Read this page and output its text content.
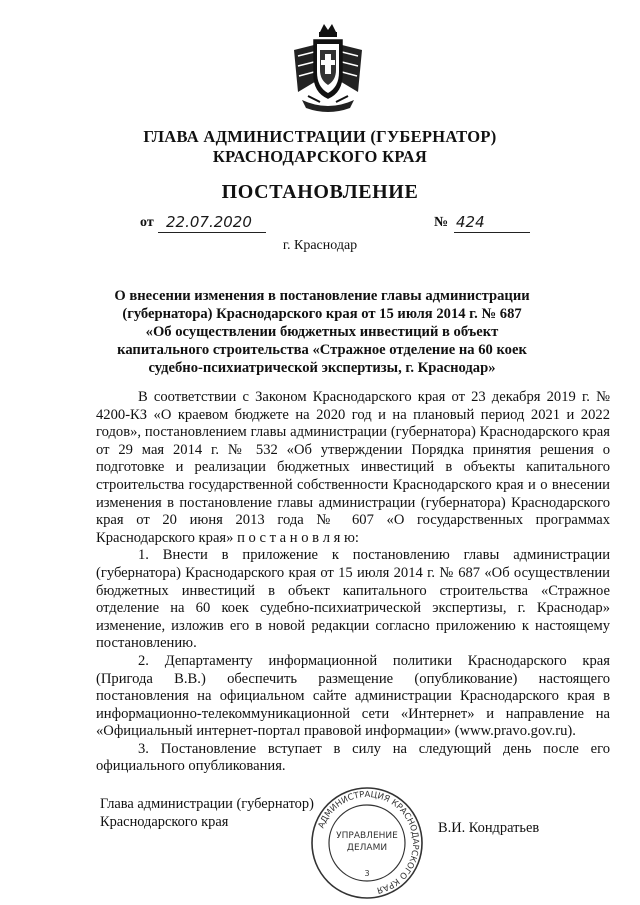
ГЛАВА АДМИНИСТРАЦИИ (ГУБЕРНАТОР)
КРАСНОДАРСКОГО КРАЯ
ПОСТАНОВЛЕНИЕ
от 22.07.2020	№ 424
г. Краснодар
О внесении изменения в постановление главы администрации (губернатора) Краснодарского края от 15 июля 2014 г. № 687 «Об осуществлении бюджетных инвестиций в объект капитального строительства «Стражное отделение на 60 коек судебно-психиатрической экспертизы, г. Краснодар»

В соответствии с Законом Краснодарского края от 23 декабря 2019 г. № 4200-КЗ «О краевом бюджете на 2020 год и на плановый период 2021 и 2022 годов», постановлением главы администрации (губернатора) Краснодарского края от 29 мая 2014 г. № 532 «Об утверждении Порядка принятия решения о подготовке и реализации бюджетных инвестиций в объекты капитального строительства государственной собственности Краснодарского края и о внесении изменения в постановление главы администрации (губернатора) Краснодарского края от 20 июня 2013 года № 607 «О государственных программах Краснодарского края» п о с т а н о в л я ю:

1. Внести в приложение к постановлению главы администрации (губернатора) Краснодарского края от 15 июля 2014 г. № 687 «Об осуществлении бюджетных инвестиций в объект капитального строительства «Стражное отделение на 60 коек судебно-психиатрической экспертизы, г. Краснодар» изменение, изложив его в новой редакции согласно приложению к настоящему постановлению.

2. Департаменту информационной политики Краснодарского края (Пригода В.В.) обеспечить размещение (опубликование) настоящего постановления на официальном сайте администрации Краснодарского края в информационно-телекоммуникационной сети «Интернет» и направление на «Официальный интернет-портал правовой информации» (www.pravo.gov.ru).

3. Постановление вступает в силу на следующий день после его официального опубликования.

Глава администрации (губернатор)
Краснодарского края	В.И. Кондратьев
АДМИНИСТРАЦИЯ КРАСНОДАРСКОГО КРАЯ
УПРАВЛЕНИЕ
ДЕЛАМИ
3
